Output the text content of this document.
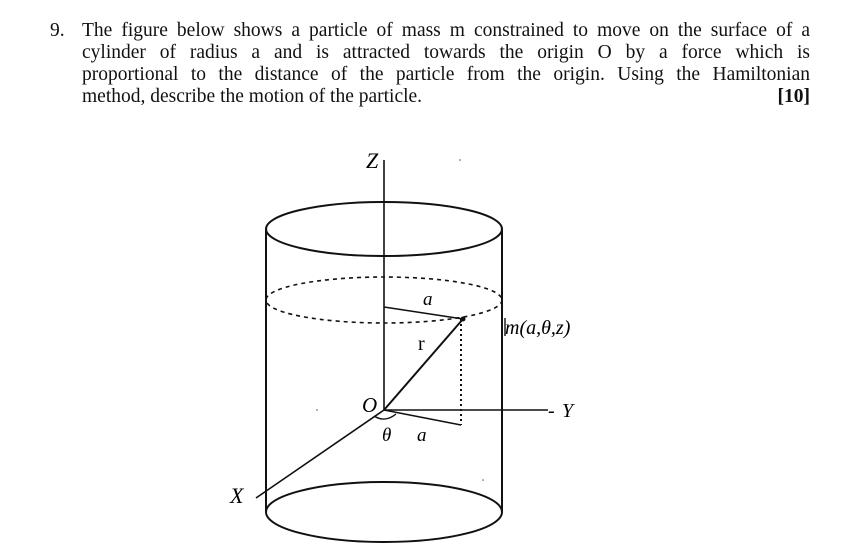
9. The figure below shows a particle of mass m constrained to move on the surface of a
cylinder of radius a and is attracted towards the origin O by a force which is
proportional to the distance of the particle from the origin. Using the Hamiltonian
method, describe the motion of the particle.	[10]
Z
Y
-
X
O
a
r
θ a
m(a,θ,z)
